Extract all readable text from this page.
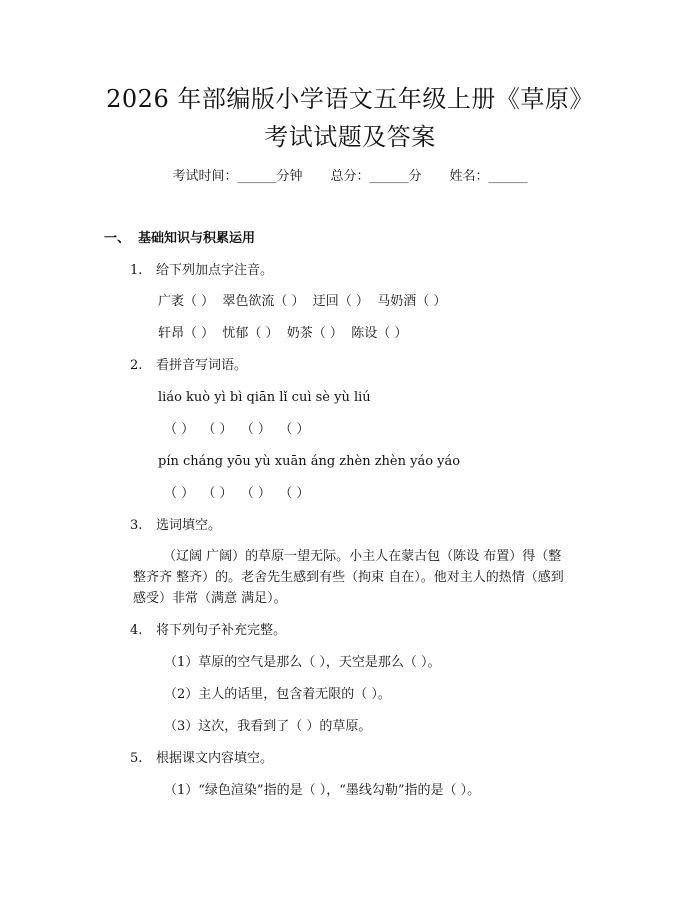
2026 年部编版小学语文五年级上册《草原》
考试试题及答案
考试时间：______分钟 总分：______分 姓名：______
一、 基础知识与积累运用
1. 给下列加点字注音。
广袤（ ）  翠色欲流（ ）  迂回（ ）  马奶酒（ ）
轩昂（ ）  忧郁（ ）  奶茶（ ）  陈设（ ）
2. 看拼音写词语。
liáo kuò yì bì qiān lǐ cuì sè yù liú
（ ）  （ ）  （ ）  （ ）
pín cháng yōu yù xuān áng zhèn zhèn yáo yáo
（ ）  （ ）  （ ）  （ ）
3. 选词填空。
（辽阔 广阔）的草原一望无际。小主人在蒙古包（陈设 布置）得（整整齐齐 整齐）的。老舍先生感到有些（拘束 自在）。他对主人的热情（感到 感受）非常（满意 满足）。
4. 将下列句子补充完整。
（1）草原的空气是那么（ ），天空是那么（ ）。
（2）主人的话里，包含着无限的（ ）。
（3）这次，我看到了（ ）的草原。
5. 根据课文内容填空。
（1）“绿色渲染”指的是（ ），“墨线勾勒”指的是（ ）。
